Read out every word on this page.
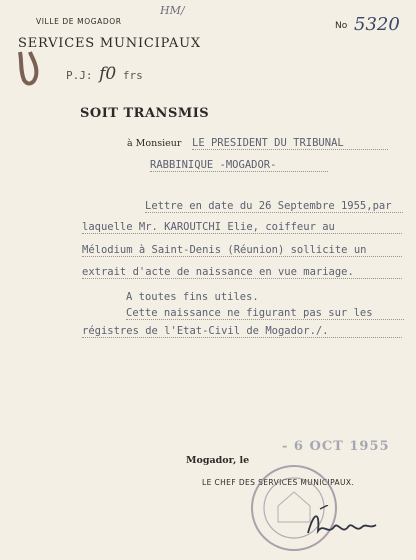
HM/
VILLE DE MOGADOR
SERVICES MUNICIPAUX
P.J: f0 frs
No 5320
SOIT TRANSMIS
à Monsieur LE PRESIDENT DU TRIBUNAL
RABBINIQUE -MOGADOR-
Lettre en date du 26 Septembre 1955,par
laquelle Mr. KAROUTCHI Elie, coiffeur au
Mélodium à Saint-Denis (Réunion) sollicite un
extrait d'acte de naissance en vue mariage.
A toutes fins utiles.
Cette naissance ne figurant pas sur les
régistres de l'Etat-Civil de Mogador./.
- 6 OCT 1955
Mogador, le
LE CHEF DES SERVICES MUNICIPAUX.
